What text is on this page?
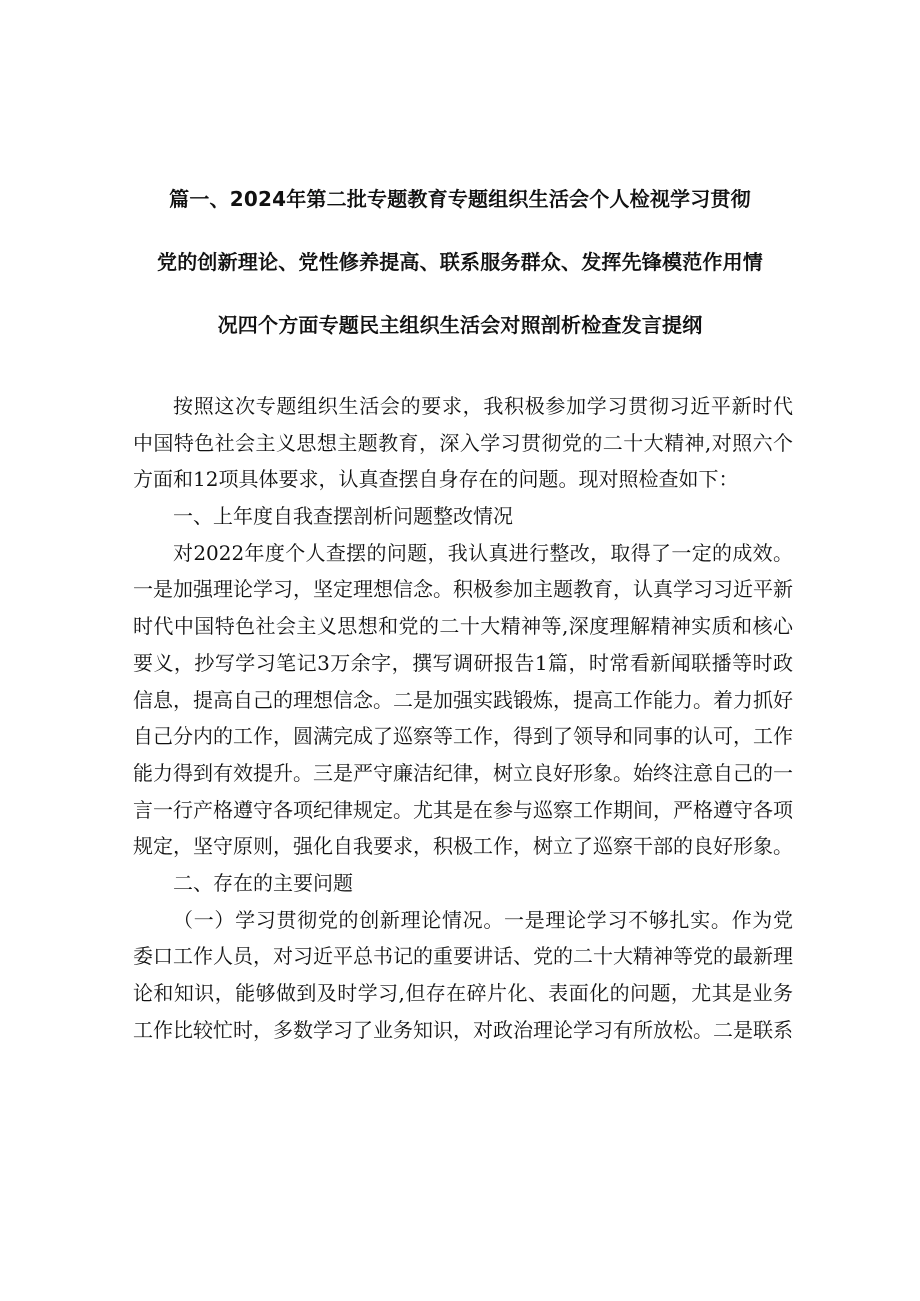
篇一、2024年第二批专题教育专题组织生活会个人检视学习贯彻
党的创新理论、党性修养提高、联系服务群众、发挥先锋模范作用情
况四个方面专题民主组织生活会对照剖析检查发言提纲
按照这次专题组织生活会的要求，我积极参加学习贯彻习近平新时代
中国特色社会主义思想主题教育，深入学习贯彻党的二十大精神,对照六个
方面和12项具体要求，认真查摆自身存在的问题。现对照检查如下：
一、上年度自我查摆剖析问题整改情况
对2022年度个人查摆的问题，我认真进行整改，取得了一定的成效。
一是加强理论学习，坚定理想信念。积极参加主题教育，认真学习习近平新
时代中国特色社会主义思想和党的二十大精神等,深度理解精神实质和核心
要义，抄写学习笔记3万余字，撰写调研报告1篇，时常看新闻联播等时政
信息，提高自己的理想信念。二是加强实践锻炼，提高工作能力。着力抓好
自己分内的工作，圆满完成了巡察等工作，得到了领导和同事的认可，工作
能力得到有效提升。三是严守廉洁纪律，树立良好形象。始终注意自己的一
言一行产格遵守各项纪律规定。尤其是在参与巡察工作期间，严格遵守各项
规定，坚守原则，强化自我要求，积极工作，树立了巡察干部的良好形象。
二、存在的主要问题
（一）学习贯彻党的创新理论情况。一是理论学习不够扎实。作为党
委口工作人员，对习近平总书记的重要讲话、党的二十大精神等党的最新理
论和知识，能够做到及时学习,但存在碎片化、表面化的问题，尤其是业务
工作比较忙时，多数学习了业务知识，对政治理论学习有所放松。二是联系
